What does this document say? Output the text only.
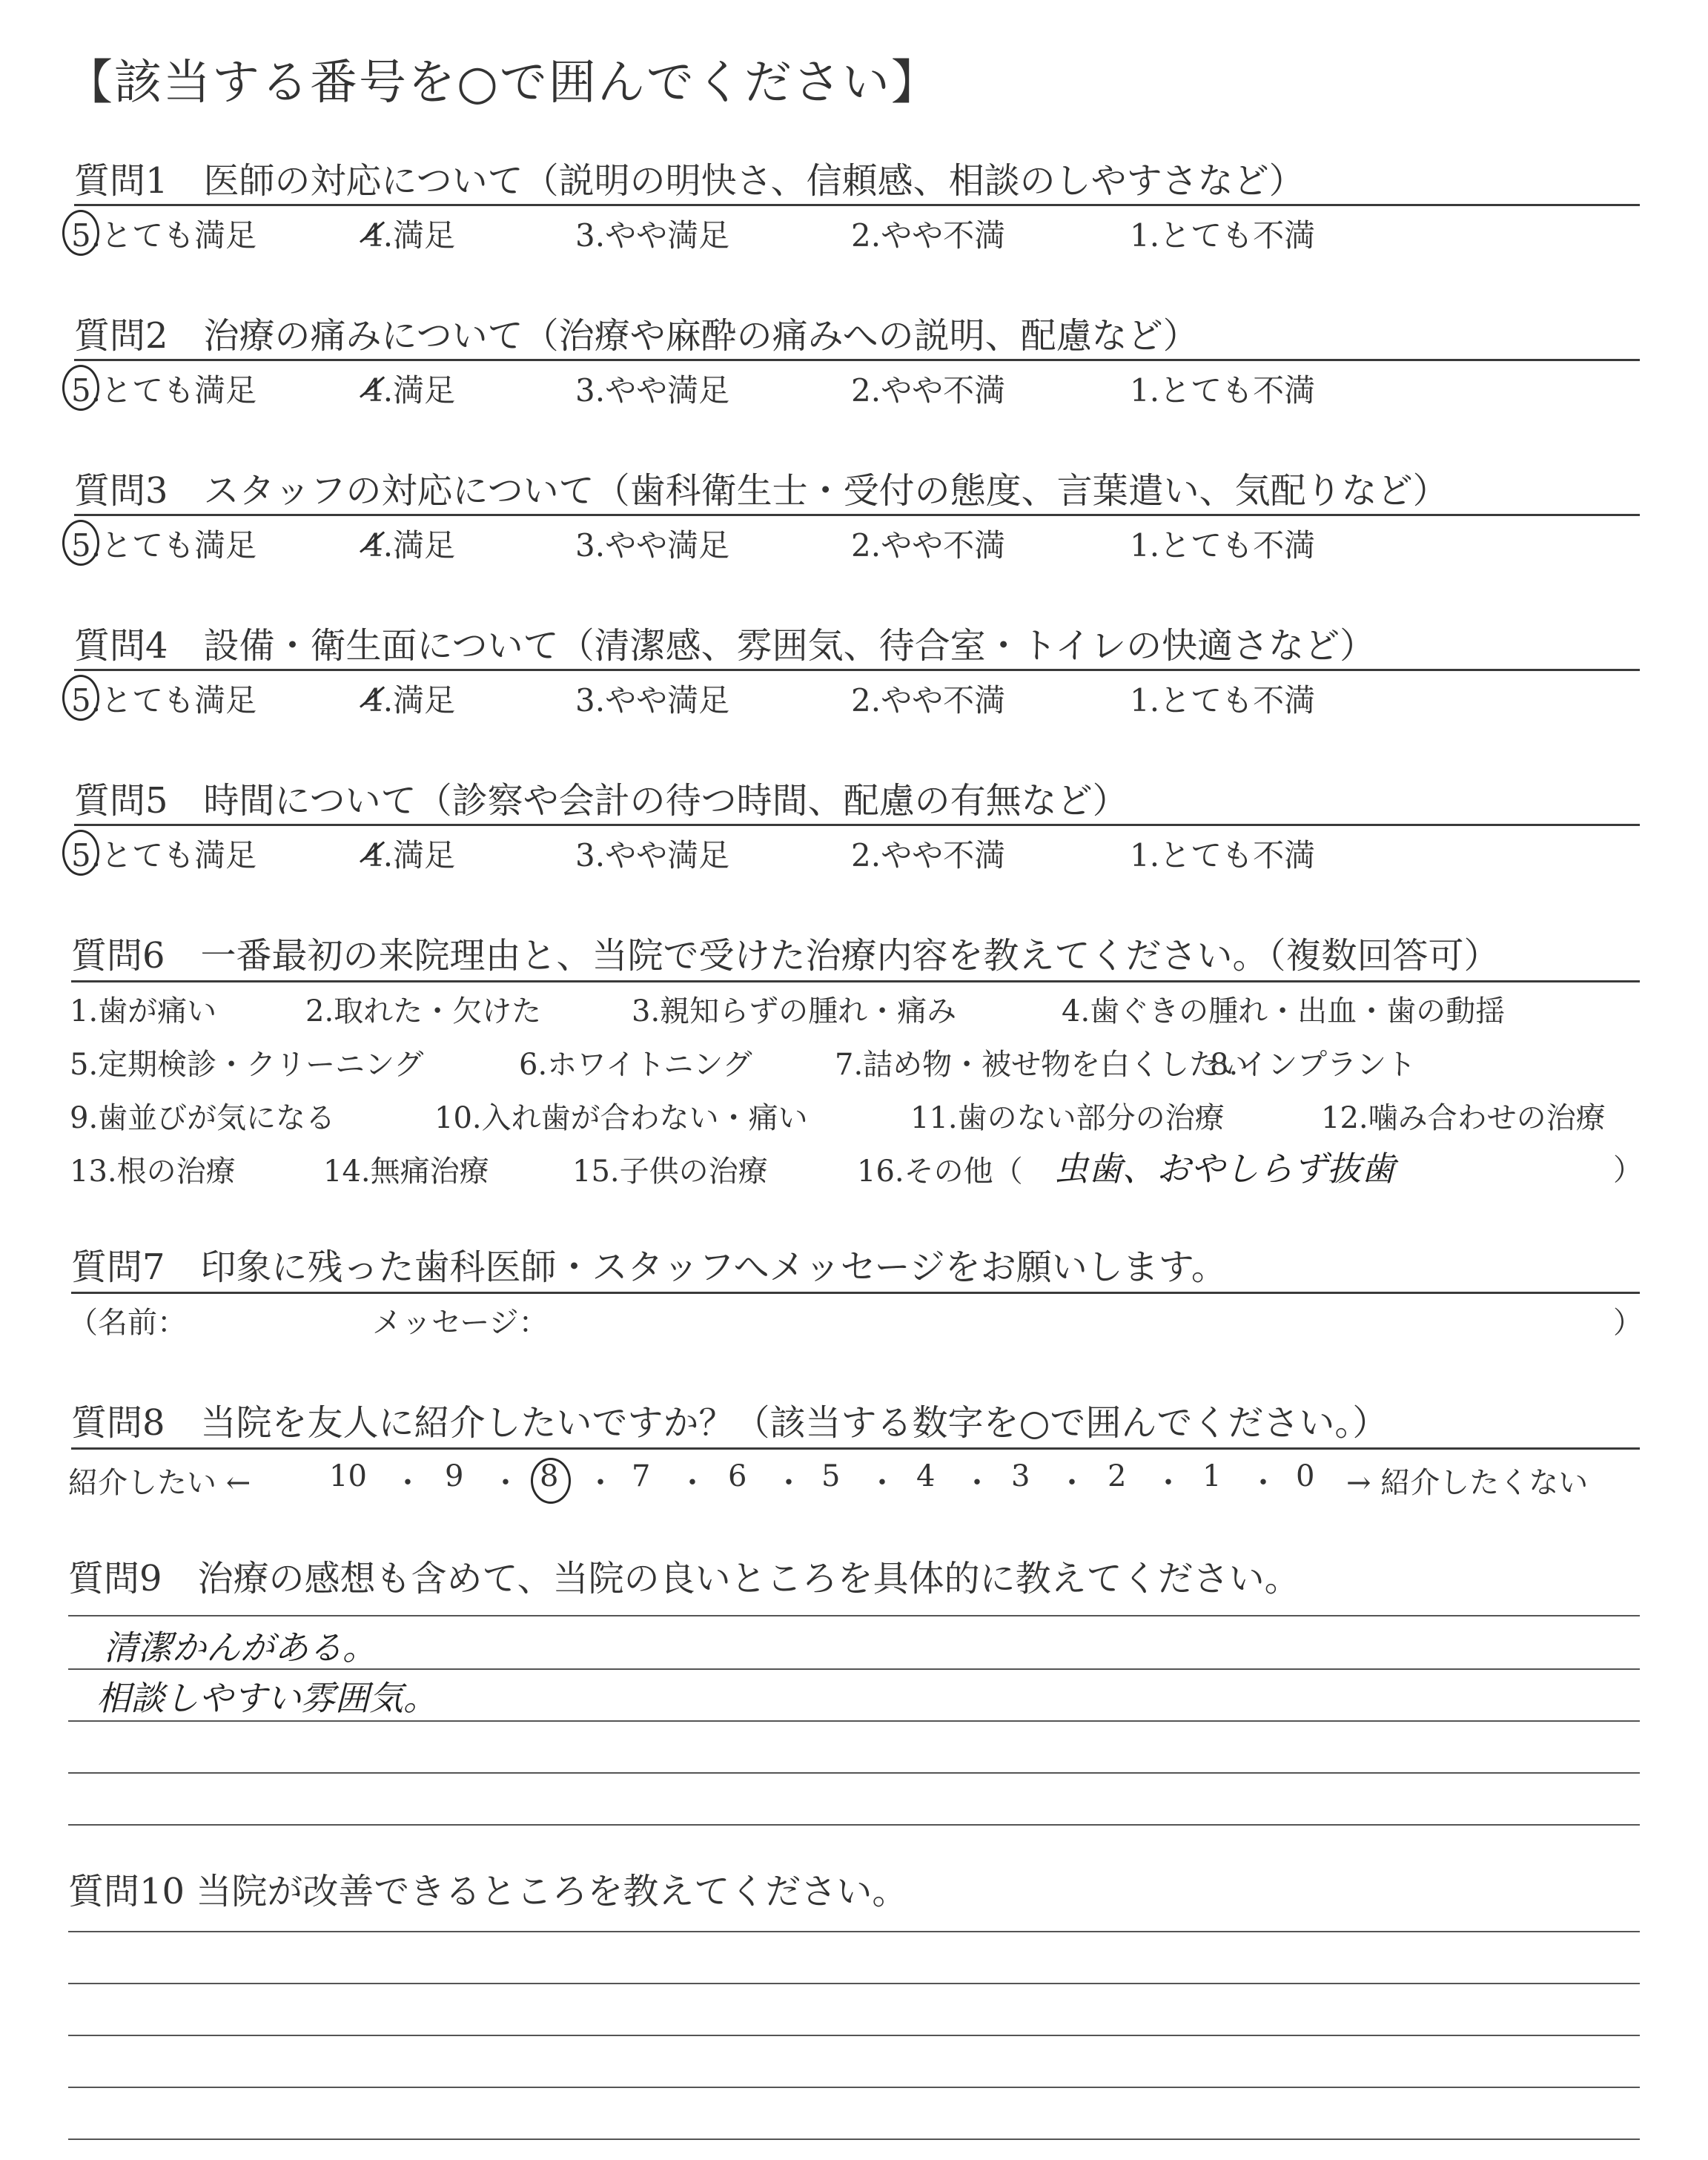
【該当する番号を○で囲んでください】
質問1　医師の対応について（説明の明快さ、信頼感、相談のしやすさなど）
5.とても満足	4.満足	3.やや満足	2.やや不満	1.とても不満
質問2　治療の痛みについて（治療や麻酔の痛みへの説明、配慮など）
5.とても満足	4.満足	3.やや満足	2.やや不満	1.とても不満
質問3　スタッフの対応について（歯科衛生士・受付の態度、言葉遣い、気配りなど）
5.とても満足	4.満足	3.やや満足	2.やや不満	1.とても不満
質問4　設備・衛生面について（清潔感、雰囲気、待合室・トイレの快適さなど）
5.とても満足	4.満足	3.やや満足	2.やや不満	1.とても不満
質問5　時間について（診察や会計の待つ時間、配慮の有無など）
5.とても満足	4.満足	3.やや満足	2.やや不満	1.とても不満
質問6　一番最初の来院理由と、当院で受けた治療内容を教えてください。（複数回答可）
1.歯が痛い	2.取れた・欠けた	3.親知らずの腫れ・痛み	4.歯ぐきの腫れ・出血・歯の動揺
5.定期検診・クリーニング	6.ホワイトニング	7.詰め物・被せ物を白くしたい
8.インプラント
9.歯並びが気になる	10.入れ歯が合わない・痛い	11.歯のない部分の治療	12.噛み合わせの治療
13.根の治療	14.無痛治療	15.子供の治療	16.その他（ 虫歯、おやしらず抜歯	）
質問7　印象に残った歯科医師・スタッフへメッセージをお願いします。
（名前：	メッセージ：	）
質問8　当院を友人に紹介したいですか？（該当する数字を○で囲んでください。）
紹介したい ←	→ 紹介したくない
10 ・ 9 ・ 8 ・ 7 ・ 6 ・ 5 ・ 4 ・ 3 ・ 2 ・ 1 ・ 0
質問9　治療の感想も含めて、当院の良いところを具体的に教えてください。
清潔かんがある。
相談しやすい雰囲気。
質問10 当院が改善できるところを教えてください。
